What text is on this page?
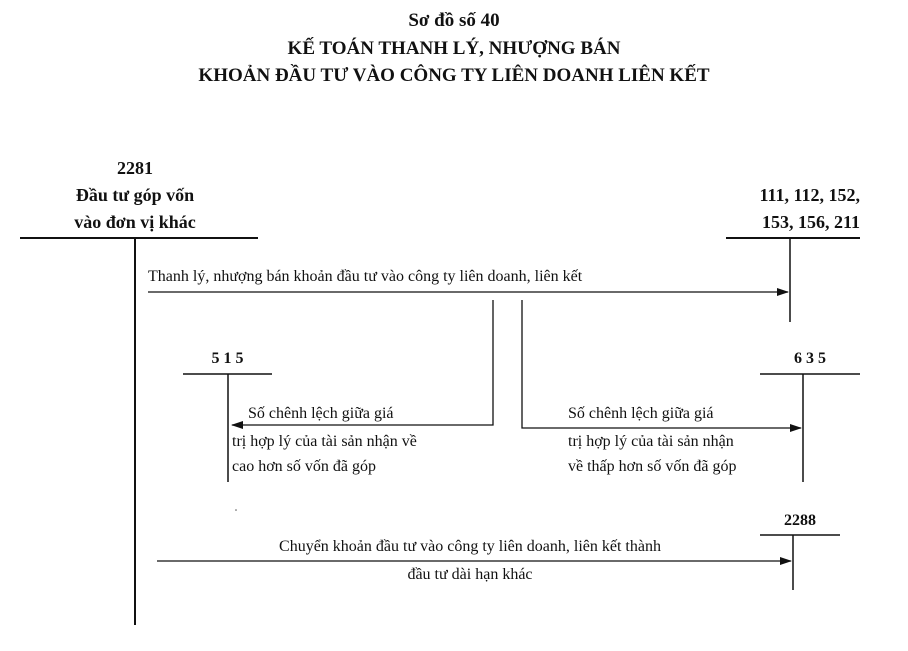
Sơ đồ số 40
KẾ TOÁN THANH LÝ, NHƯỢNG BÁN
KHOẢN ĐẦU TƯ VÀO CÔNG TY LIÊN DOANH LIÊN KẾT
2281
Đầu tư góp vốn
vào đơn vị khác
111, 112, 152,
153, 156, 211
5 1 5	6 3 5
2288
Thanh lý, nhượng bán khoản đầu tư vào công ty liên doanh, liên kết
Số chênh lệch giữa giá
trị hợp lý của tài sản nhận về
cao hơn số vốn đã góp
Số chênh lệch giữa giá
trị hợp lý của tài sản nhận
về thấp hơn số vốn đã góp
Chuyển khoản đầu tư vào công ty liên doanh, liên kết thành
đầu tư dài hạn khác
